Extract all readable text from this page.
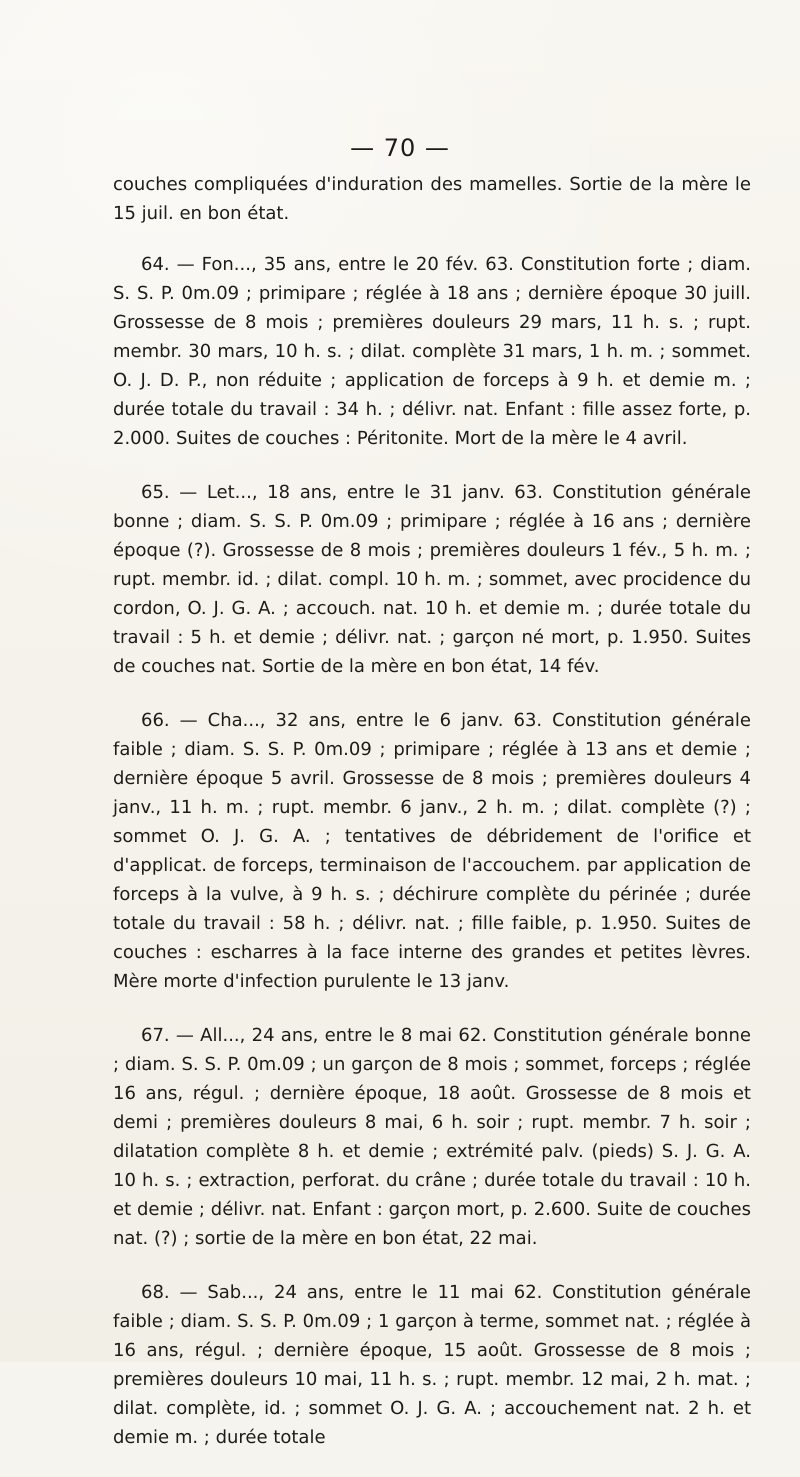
— 70 —

couches compliquées d'induration des mamelles. Sortie de la mère le 15 juil. en bon état.

64. — Fon..., 35 ans, entre le 20 fév. 63. Constitution forte ; diam. S. S. P. 0m.09 ; primipare ; réglée à 18 ans ; dernière époque 30 juill. Grossesse de 8 mois ; premières douleurs 29 mars, 11 h. s. ; rupt. membr. 30 mars, 10 h. s. ; dilat. complète 31 mars, 1 h. m. ; sommet. O. J. D. P., non réduite ; application de forceps à 9 h. et demie m. ; durée totale du travail : 34 h. ; délivr. nat. Enfant : fille assez forte, p. 2.000. Suites de couches : Péritonite. Mort de la mère le 4 avril.

65. — Let..., 18 ans, entre le 31 janv. 63. Constitution générale bonne ; diam. S. S. P. 0m.09 ; primipare ; réglée à 16 ans ; dernière époque (?). Grossesse de 8 mois ; premières douleurs 1 fév., 5 h. m. ; rupt. membr. id. ; dilat. compl. 10 h. m. ; sommet, avec procidence du cordon, O. J. G. A. ; accouch. nat. 10 h. et demie m. ; durée totale du travail : 5 h. et demie ; délivr. nat. ; garçon né mort, p. 1.950. Suites de couches nat. Sortie de la mère en bon état, 14 fév.

66. — Cha..., 32 ans, entre le 6 janv. 63. Constitution générale faible ; diam. S. S. P. 0m.09 ; primipare ; réglée à 13 ans et demie ; dernière époque 5 avril. Grossesse de 8 mois ; premières douleurs 4 janv., 11 h. m. ; rupt. membr. 6 janv., 2 h. m. ; dilat. complète (?) ; sommet O. J. G. A. ; tentatives de débridement de l'orifice et d'applicat. de forceps, terminaison de l'accouchem. par application de forceps à la vulve, à 9 h. s. ; déchirure complète du périnée ; durée totale du travail : 58 h. ; délivr. nat. ; fille faible, p. 1.950. Suites de couches : escharres à la face interne des grandes et petites lèvres. Mère morte d'infection purulente le 13 janv.

67. — All..., 24 ans, entre le 8 mai 62. Constitution générale bonne ; diam. S. S. P. 0m.09 ; un garçon de 8 mois ; sommet, forceps ; réglée 16 ans, régul. ; dernière époque, 18 août. Grossesse de 8 mois et demi ; premières douleurs 8 mai, 6 h. soir ; rupt. membr. 7 h. soir ; dilatation complète 8 h. et demie ; extrémité palv. (pieds) S. J. G. A. 10 h. s. ; extraction, perforat. du crâne ; durée totale du travail : 10 h. et demie ; délivr. nat. Enfant : garçon mort, p. 2.600. Suite de couches nat. (?) ; sortie de la mère en bon état, 22 mai.

68. — Sab..., 24 ans, entre le 11 mai 62. Constitution générale faible ; diam. S. S. P. 0m.09 ; 1 garçon à terme, sommet nat. ; réglée à 16 ans, régul. ; dernière époque, 15 août. Grossesse de 8 mois ; premières douleurs 10 mai, 11 h. s. ; rupt. membr. 12 mai, 2 h. mat. ; dilat. complète, id. ; sommet O. J. G. A. ; accouchement nat. 2 h. et demie m. ; durée totale
